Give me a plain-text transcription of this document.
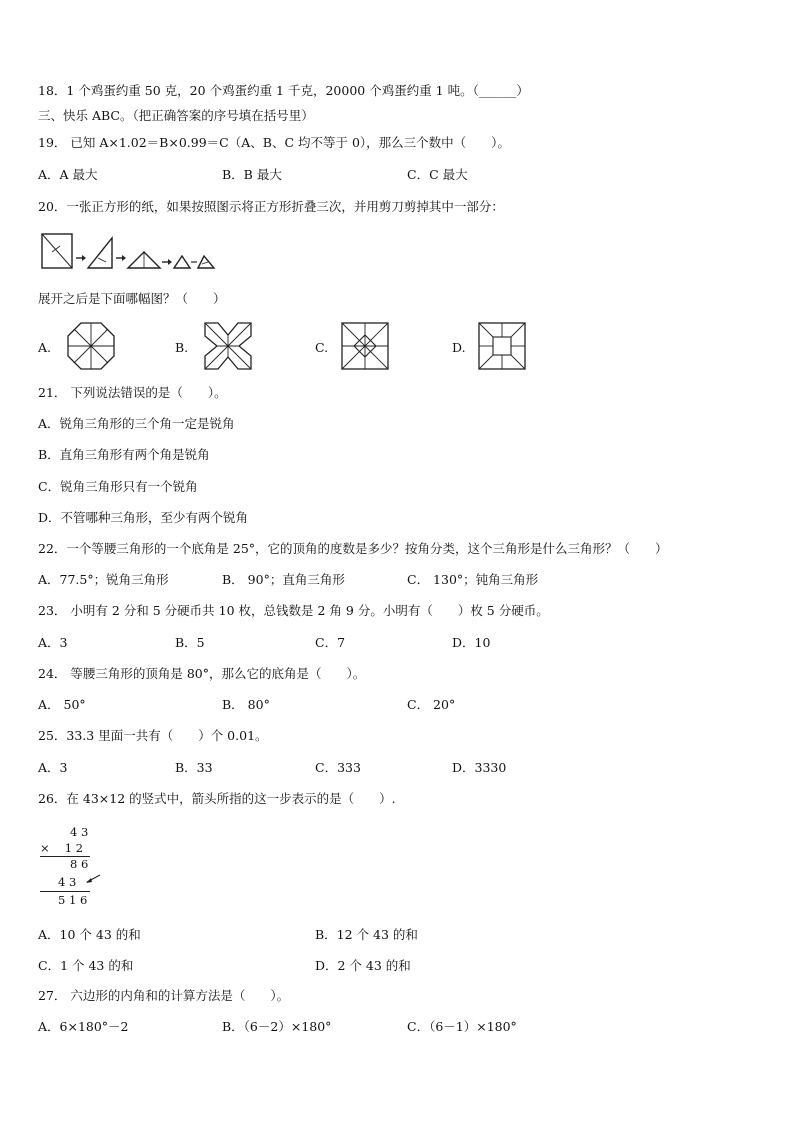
18．1 个鸡蛋约重 50 克，20 个鸡蛋约重 1 千克，20000 个鸡蛋约重 1 吨。（______）
三、快乐 ABC。（把正确答案的序号填在括号里）
19． 已知 A×1.02＝B×0.99＝C（A、B、C 均不等于 0），那么三个数中（　　）。
A．A 最大	B．B 最大	C．C 最大
20．一张正方形的纸，如果按照图示将正方形折叠三次，并用剪刀剪掉其中一部分：
展开之后是下面哪幅图？（　　）
A.	B.	C.	D.
21． 下列说法错误的是（　　）。
A．锐角三角形的三个角一定是锐角
B．直角三角形有两个角是锐角
C．锐角三角形只有一个锐角
D．不管哪种三角形，至少有两个锐角
22．一个等腰三角形的一个底角是 25°，它的顶角的度数是多少？按角分类，这个三角形是什么三角形？（　　）
A．77.5°；锐角三角形	B． 90°；直角三角形	C． 130°；钝角三角形
23． 小明有 2 分和 5 分硬币共 10 枚，总钱数是 2 角 9 分。小明有（　　）枚 5 分硬币。
A．3	B．5	C．7	D．10
24． 等腰三角形的顶角是 80°，那么它的底角是（　　）。
A． 50°	B． 80°	C． 20°
25．33.3 里面一共有（　　）个 0.01。
A．3	B．33	C．333	D．3330
26．在 43×12 的竖式中，箭头所指的这一步表示的是（　　）.
4 3
× 　1 2
8 6
4 3
5 1 6
A．10 个 43 的和	B．12 个 43 的和
C．1 个 43 的和	D．2 个 43 的和
27． 六边形的内角和的计算方法是（　　）。
A．6×180°－2	B．（6－2）×180°	C．（6－1）×180°
